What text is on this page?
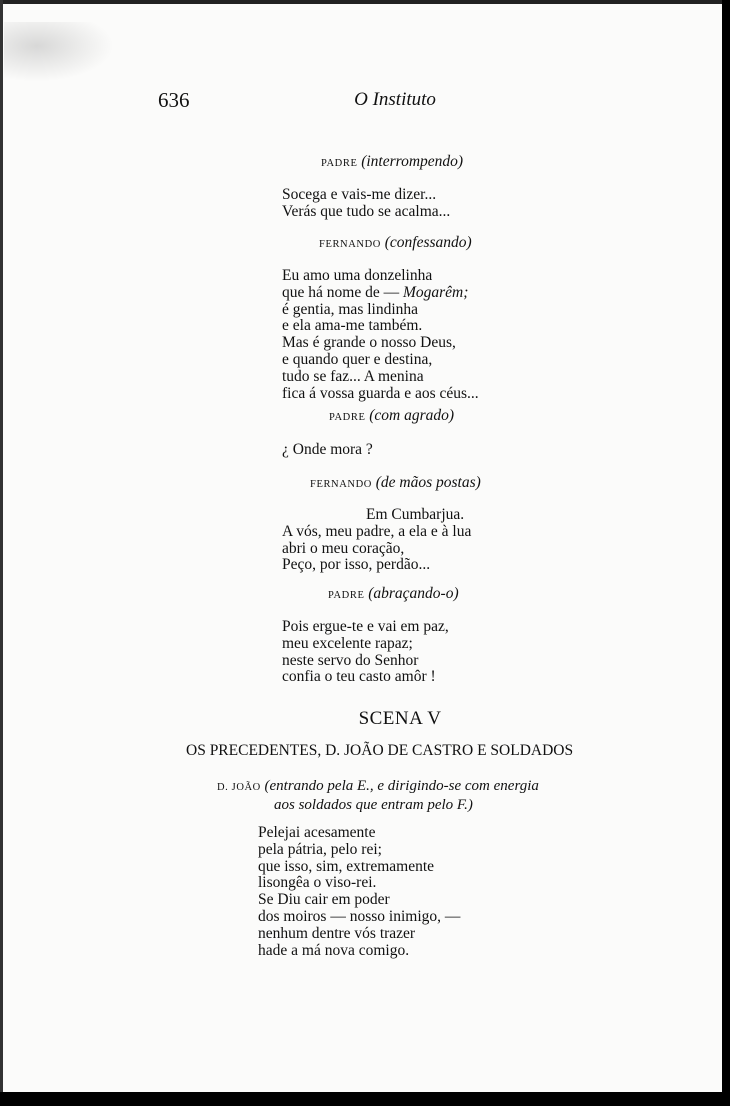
636	O Instituto
PADRE (interrompendo)
Socega e vais-me dizer...
Verás que tudo se acalma...
FERNANDO (confessando)
Eu amo uma donzelinha
que há nome de — Mogarêm;
é gentia, mas lindinha
e ela ama-me também.
Mas é grande o nosso Deus,
e quando quer e destina,
tudo se faz... A menina
fica á vossa guarda e aos céus...
PADRE (com agrado)
¿ Onde mora ?
FERNANDO (de mãos postas)
Em Cumbarjua.
A vós, meu padre, a ela e à lua
abri o meu coração,
Peço, por isso, perdão...
PADRE (abraçando-o)
Pois ergue-te e vai em paz,
meu excelente rapaz;
neste servo do Senhor
confia o teu casto amôr !
SCENA V
OS PRECEDENTES, D. JOÃO DE CASTRO E SOLDADOS
D. JOÃO (entrando pela E., e dirigindo-se com energia
aos soldados que entram pelo F.)
Pelejai acesamente
pela pátria, pelo rei;
que isso, sim, extremamente
lisongêa o viso-rei.
Se Diu cair em poder
dos moiros — nosso inimigo, —
nenhum dentre vós trazer
hade a má nova comigo.
